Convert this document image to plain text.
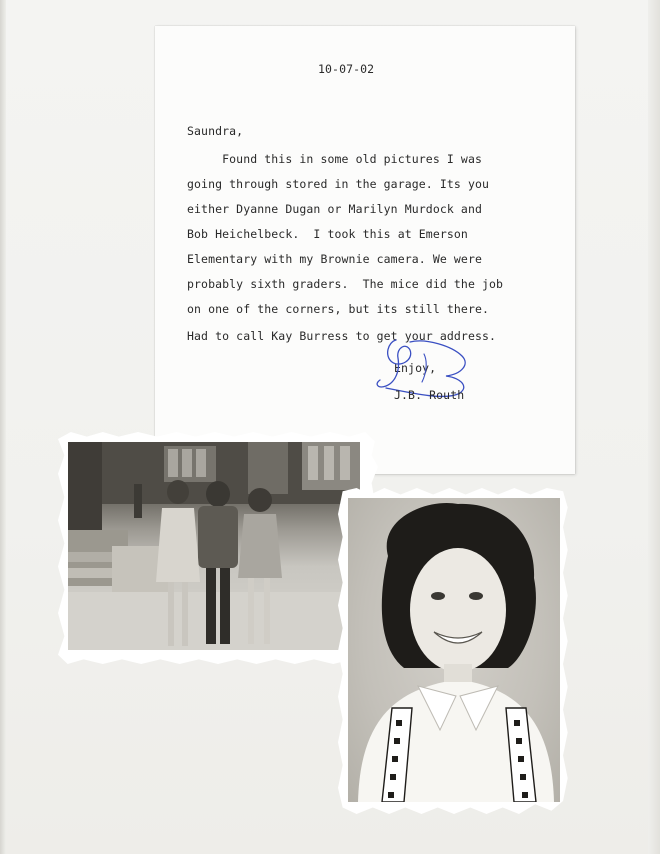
10-07-02
Saundra,
Found this in some old pictures I was
going through stored in the garage. Its you
either Dyanne Dugan or Marilyn Murdock and
Bob Heichelbeck.  I took this at Emerson
Elementary with my Brownie camera. We were
probably sixth graders.  The mice did the job
on one of the corners, but its still there.
Had to call Kay Burress to get your address.
Enjoy,
J.B. Routh
